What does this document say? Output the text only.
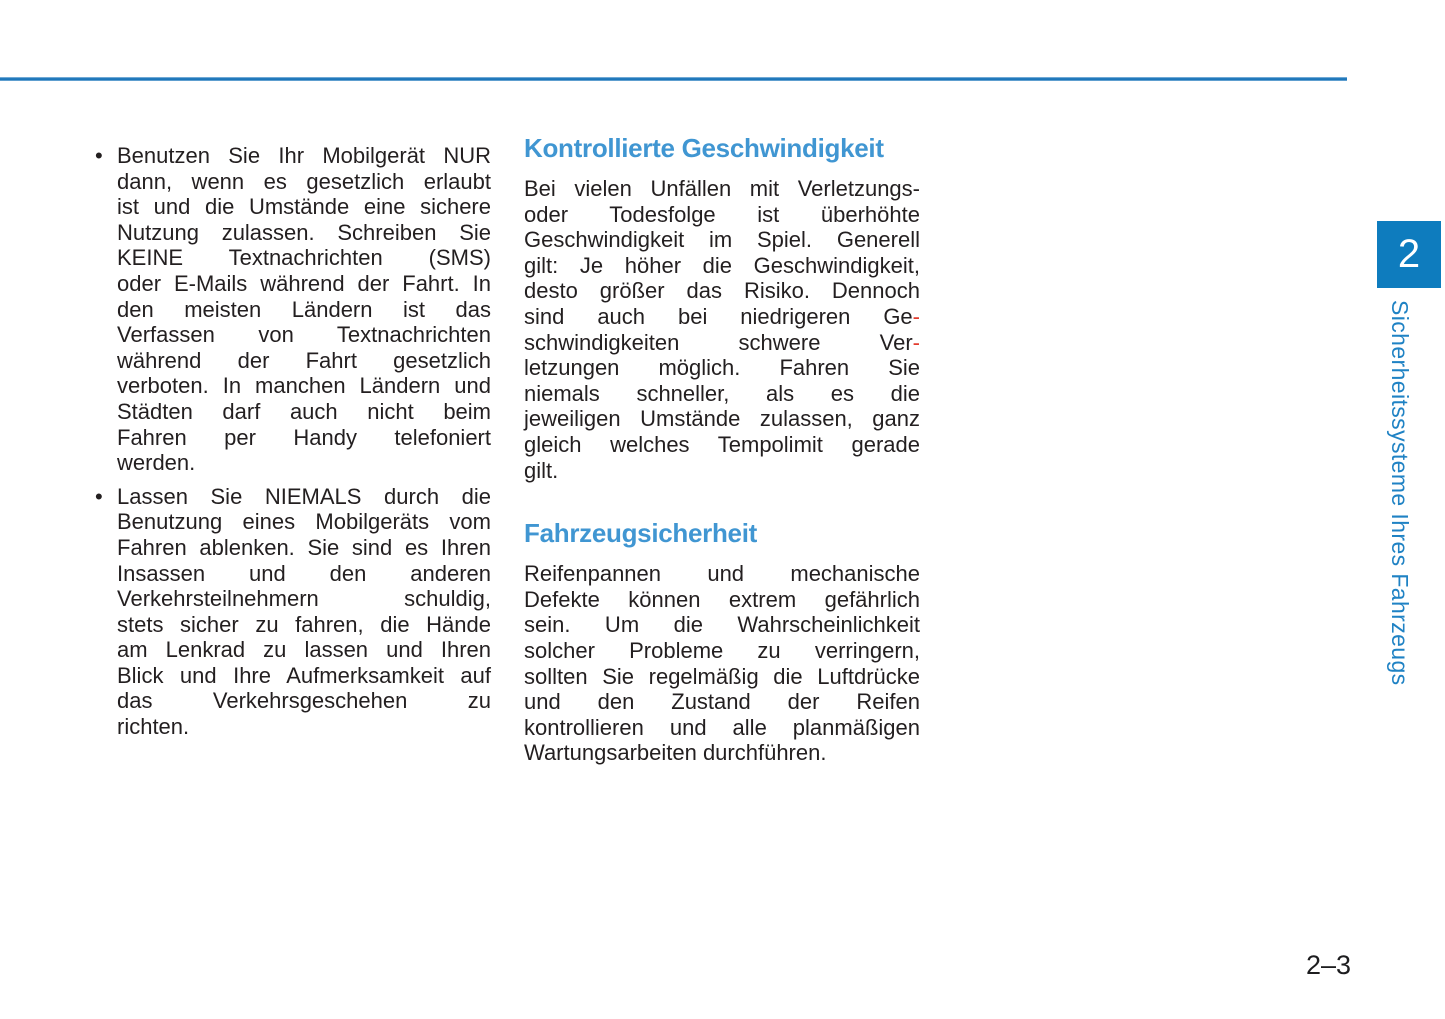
• Benutzen Sie Ihr Mobilgerät NUR
dann, wenn es gesetzlich erlaubt
ist und die Umstände eine sichere
Nutzung zulassen. Schreiben Sie
KEINE Textnachrichten (SMS)
oder E-Mails während der Fahrt. In
den meisten Ländern ist das
Verfassen von Textnachrichten
während der Fahrt gesetzlich
verboten. In manchen Ländern und
Städten darf auch nicht beim
Fahren per Handy telefoniert
werden.
• Lassen Sie NIEMALS durch die
Benutzung eines Mobilgeräts vom
Fahren ablenken. Sie sind es Ihren
Insassen und den anderen
Verkehrsteilnehmern schuldig,
stets sicher zu fahren, die Hände
am Lenkrad zu lassen und Ihren
Blick und Ihre Aufmerksamkeit auf
das Verkehrsgeschehen zu
richten.
Kontrollierte Geschwindigkeit
Bei vielen Unfällen mit Verletzungs-
oder Todesfolge ist überhöhte
Geschwindigkeit im Spiel. Generell
gilt: Je höher die Geschwindigkeit,
desto größer das Risiko. Dennoch
sind auch bei niedrigeren Ge-
schwindigkeiten schwere Ver-
letzungen möglich. Fahren Sie
niemals schneller, als es die
jeweiligen Umstände zulassen, ganz
gleich welches Tempolimit gerade
gilt.
Fahrzeugsicherheit
Reifenpannen und mechanische
Defekte können extrem gefährlich
sein. Um die Wahrscheinlichkeit
solcher Probleme zu verringern,
sollten Sie regelmäßig die Luftdrücke
und den Zustand der Reifen
kontrollieren und alle planmäßigen
Wartungsarbeiten durchführen.
2
Sicherheitssysteme Ihres Fahrzeugs
2–3
